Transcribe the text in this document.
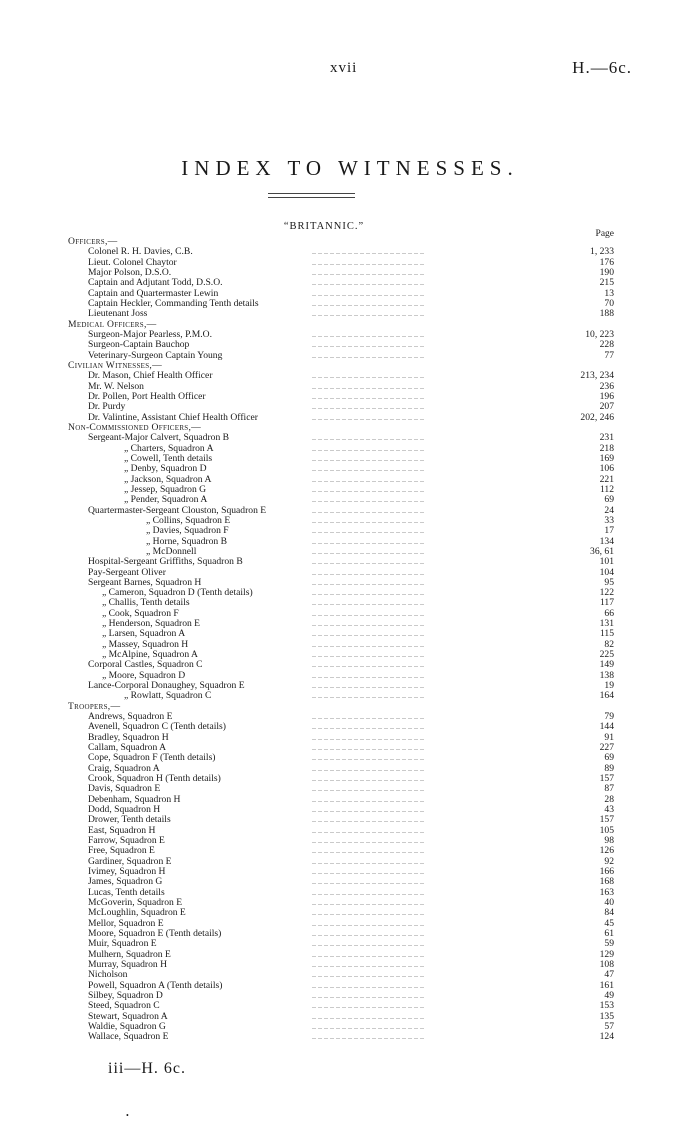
xvii	H.—6c.
INDEX TO WITNESSES.
“BRITANNIC.”
Page
Officers,—
Colonel R. H. Davies, C.B.	.. .. .. .. .. .. .. .. .. .. .. .. .. .. .. .. .. .. ..	1, 233
Lieut. Colonel Chaytor	.. .. .. .. .. .. .. .. .. .. .. .. .. .. .. .. .. .. ..	176
Major Polson, D.S.O.	.. .. .. .. .. .. .. .. .. .. .. .. .. .. .. .. .. .. ..	190
Captain and Adjutant Todd, D.S.O.	.. .. .. .. .. .. .. .. .. .. .. .. .. .. .. .. .. .. ..	215
Captain and Quartermaster Lewin	.. .. .. .. .. .. .. .. .. .. .. .. .. .. .. .. .. .. ..	13
Captain Heckler, Commanding Tenth details	.. .. .. .. .. .. .. .. .. .. .. .. .. .. .. .. .. .. ..	70
Lieutenant Joss	.. .. .. .. .. .. .. .. .. .. .. .. .. .. .. .. .. .. ..	188
Medical Officers,—
Surgeon-Major Pearless, P.M.O.	.. .. .. .. .. .. .. .. .. .. .. .. .. .. .. .. .. .. ..	10, 223
Surgeon-Captain Bauchop	.. .. .. .. .. .. .. .. .. .. .. .. .. .. .. .. .. .. ..	228
Veterinary-Surgeon Captain Young	.. .. .. .. .. .. .. .. .. .. .. .. .. .. .. .. .. .. ..	77
Civilian Witnesses,—
Dr. Mason, Chief Health Officer	.. .. .. .. .. .. .. .. .. .. .. .. .. .. .. .. .. .. ..	213, 234
Mr. W. Nelson	.. .. .. .. .. .. .. .. .. .. .. .. .. .. .. .. .. .. ..	236
Dr. Pollen, Port Health Officer	.. .. .. .. .. .. .. .. .. .. .. .. .. .. .. .. .. .. ..	196
Dr. Purdy	.. .. .. .. .. .. .. .. .. .. .. .. .. .. .. .. .. .. ..	207
Dr. Valintine, Assistant Chief Health Officer	.. .. .. .. .. .. .. .. .. .. .. .. .. .. .. .. .. .. ..	202, 246
Non-Commissioned Officers,—
Sergeant-Major Calvert, Squadron B	.. .. .. .. .. .. .. .. .. .. .. .. .. .. .. .. .. .. ..	231
„ Charters, Squadron A	.. .. .. .. .. .. .. .. .. .. .. .. .. .. .. .. .. .. ..	218
„ Cowell, Tenth details	.. .. .. .. .. .. .. .. .. .. .. .. .. .. .. .. .. .. ..	169
„ Denby, Squadron D	.. .. .. .. .. .. .. .. .. .. .. .. .. .. .. .. .. .. ..	106
„ Jackson, Squadron A	.. .. .. .. .. .. .. .. .. .. .. .. .. .. .. .. .. .. ..	221
„ Jessep, Squadron G	.. .. .. .. .. .. .. .. .. .. .. .. .. .. .. .. .. .. ..	112
„ Pender, Squadron A	.. .. .. .. .. .. .. .. .. .. .. .. .. .. .. .. .. .. ..	69
Quartermaster-Sergeant Clouston, Squadron E	.. .. .. .. .. .. .. .. .. .. .. .. .. .. .. .. .. .. ..	24
„ Collins, Squadron E	.. .. .. .. .. .. .. .. .. .. .. .. .. .. .. .. .. .. ..	33
„ Davies, Squadron F	.. .. .. .. .. .. .. .. .. .. .. .. .. .. .. .. .. .. ..	17
„ Horne, Squadron B	.. .. .. .. .. .. .. .. .. .. .. .. .. .. .. .. .. .. ..	134
„ McDonnell	.. .. .. .. .. .. .. .. .. .. .. .. .. .. .. .. .. .. ..	36, 61
Hospital-Sergeant Griffiths, Squadron B	.. .. .. .. .. .. .. .. .. .. .. .. .. .. .. .. .. .. ..	101
Pay-Sergeant Oliver	.. .. .. .. .. .. .. .. .. .. .. .. .. .. .. .. .. .. ..	104
Sergeant Barnes, Squadron H	.. .. .. .. .. .. .. .. .. .. .. .. .. .. .. .. .. .. ..	95
„ Cameron, Squadron D (Tenth details)	.. .. .. .. .. .. .. .. .. .. .. .. .. .. .. .. .. .. ..	122
„ Challis, Tenth details	.. .. .. .. .. .. .. .. .. .. .. .. .. .. .. .. .. .. ..	117
„ Cook, Squadron F	.. .. .. .. .. .. .. .. .. .. .. .. .. .. .. .. .. .. ..	66
„ Henderson, Squadron E	.. .. .. .. .. .. .. .. .. .. .. .. .. .. .. .. .. .. ..	131
„ Larsen, Squadron A	.. .. .. .. .. .. .. .. .. .. .. .. .. .. .. .. .. .. ..	115
„ Massey, Squadron H	.. .. .. .. .. .. .. .. .. .. .. .. .. .. .. .. .. .. ..	82
„ McAlpine, Squadron A	.. .. .. .. .. .. .. .. .. .. .. .. .. .. .. .. .. .. ..	225
Corporal Castles, Squadron C	.. .. .. .. .. .. .. .. .. .. .. .. .. .. .. .. .. .. ..	149
„ Moore, Squadron D	.. .. .. .. .. .. .. .. .. .. .. .. .. .. .. .. .. .. ..	138
Lance-Corporal Donaughey, Squadron E	.. .. .. .. .. .. .. .. .. .. .. .. .. .. .. .. .. .. ..	19
„ Rowlatt, Squadron C	.. .. .. .. .. .. .. .. .. .. .. .. .. .. .. .. .. .. ..	164
Troopers,—
Andrews, Squadron E	.. .. .. .. .. .. .. .. .. .. .. .. .. .. .. .. .. .. ..	79
Avenell, Squadron C (Tenth details)	.. .. .. .. .. .. .. .. .. .. .. .. .. .. .. .. .. .. ..	144
Bradley, Squadron H	.. .. .. .. .. .. .. .. .. .. .. .. .. .. .. .. .. .. ..	91
Callam, Squadron A	.. .. .. .. .. .. .. .. .. .. .. .. .. .. .. .. .. .. ..	227
Cope, Squadron F (Tenth details)	.. .. .. .. .. .. .. .. .. .. .. .. .. .. .. .. .. .. ..	69
Craig, Squadron A	.. .. .. .. .. .. .. .. .. .. .. .. .. .. .. .. .. .. ..	89
Crook, Squadron H (Tenth details)	.. .. .. .. .. .. .. .. .. .. .. .. .. .. .. .. .. .. ..	157
Davis, Squadron E	.. .. .. .. .. .. .. .. .. .. .. .. .. .. .. .. .. .. ..	87
Debenham, Squadron H	.. .. .. .. .. .. .. .. .. .. .. .. .. .. .. .. .. .. ..	28
Dodd, Squadron H	.. .. .. .. .. .. .. .. .. .. .. .. .. .. .. .. .. .. ..	43
Drower, Tenth details	.. .. .. .. .. .. .. .. .. .. .. .. .. .. .. .. .. .. ..	157
East, Squadron H	.. .. .. .. .. .. .. .. .. .. .. .. .. .. .. .. .. .. ..	105
Farrow, Squadron E	.. .. .. .. .. .. .. .. .. .. .. .. .. .. .. .. .. .. ..	98
Free, Squadron E	.. .. .. .. .. .. .. .. .. .. .. .. .. .. .. .. .. .. ..	126
Gardiner, Squadron E	.. .. .. .. .. .. .. .. .. .. .. .. .. .. .. .. .. .. ..	92
Ivimey, Squadron H	.. .. .. .. .. .. .. .. .. .. .. .. .. .. .. .. .. .. ..	166
James, Squadron G	.. .. .. .. .. .. .. .. .. .. .. .. .. .. .. .. .. .. ..	168
Lucas, Tenth details	.. .. .. .. .. .. .. .. .. .. .. .. .. .. .. .. .. .. ..	163
McGoverin, Squadron E	.. .. .. .. .. .. .. .. .. .. .. .. .. .. .. .. .. .. ..	40
McLoughlin, Squadron E	.. .. .. .. .. .. .. .. .. .. .. .. .. .. .. .. .. .. ..	84
Mellor, Squadron E	.. .. .. .. .. .. .. .. .. .. .. .. .. .. .. .. .. .. ..	45
Moore, Squadron E (Tenth details)	.. .. .. .. .. .. .. .. .. .. .. .. .. .. .. .. .. .. ..	61
Muir, Squadron E	.. .. .. .. .. .. .. .. .. .. .. .. .. .. .. .. .. .. ..	59
Mulhern, Squadron E	.. .. .. .. .. .. .. .. .. .. .. .. .. .. .. .. .. .. ..	129
Murray, Squadron H	.. .. .. .. .. .. .. .. .. .. .. .. .. .. .. .. .. .. ..	108
Nicholson	.. .. .. .. .. .. .. .. .. .. .. .. .. .. .. .. .. .. ..	47
Powell, Squadron A (Tenth details)	.. .. .. .. .. .. .. .. .. .. .. .. .. .. .. .. .. .. ..	161
Silbey, Squadron D	.. .. .. .. .. .. .. .. .. .. .. .. .. .. .. .. .. .. ..	49
Steed, Squadron C	.. .. .. .. .. .. .. .. .. .. .. .. .. .. .. .. .. .. ..	153
Stewart, Squadron A	.. .. .. .. .. .. .. .. .. .. .. .. .. .. .. .. .. .. ..	135
Waldie, Squadron G	.. .. .. .. .. .. .. .. .. .. .. .. .. .. .. .. .. .. ..	57
Wallace, Squadron E	.. .. .. .. .. .. .. .. .. .. .. .. .. .. .. .. .. .. ..	124
iii—H. 6c.
•
